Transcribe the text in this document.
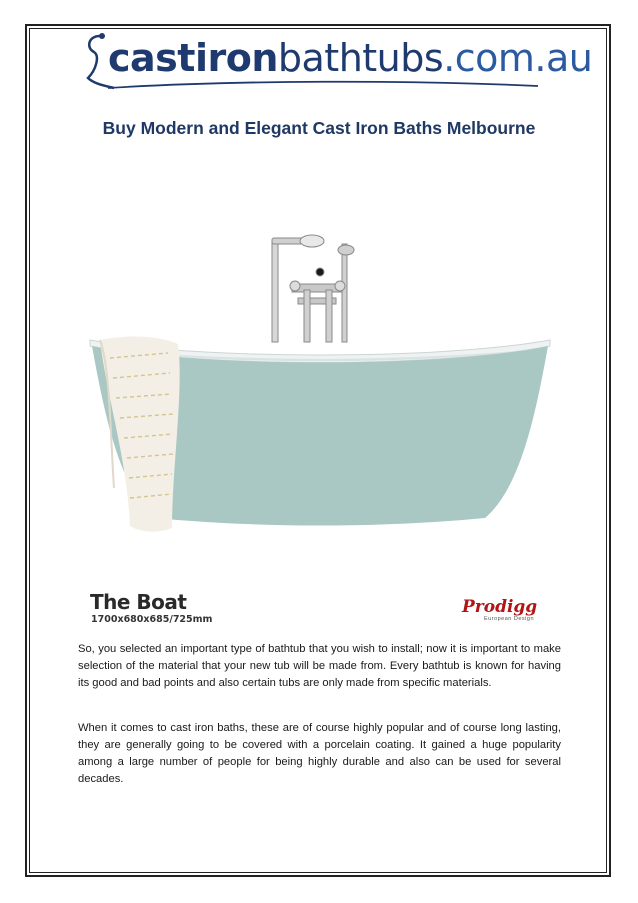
castironbathtubs.com.au
Buy Modern and Elegant Cast Iron Baths Melbourne
The Boat
1700x680x685/725mm
Prodigg
European Design

So, you selected an important type of bathtub that you wish to install; now it is important to make selection of the material that your new tub will be made from. Every bathtub is known for having its good and bad points and also certain tubs are only made from specific materials.

When it comes to cast iron baths, these are of course highly popular and of course long lasting, they are generally going to be covered with a porcelain coating. It gained a huge popularity among a large number of people for being highly durable and also can be used for several decades.
